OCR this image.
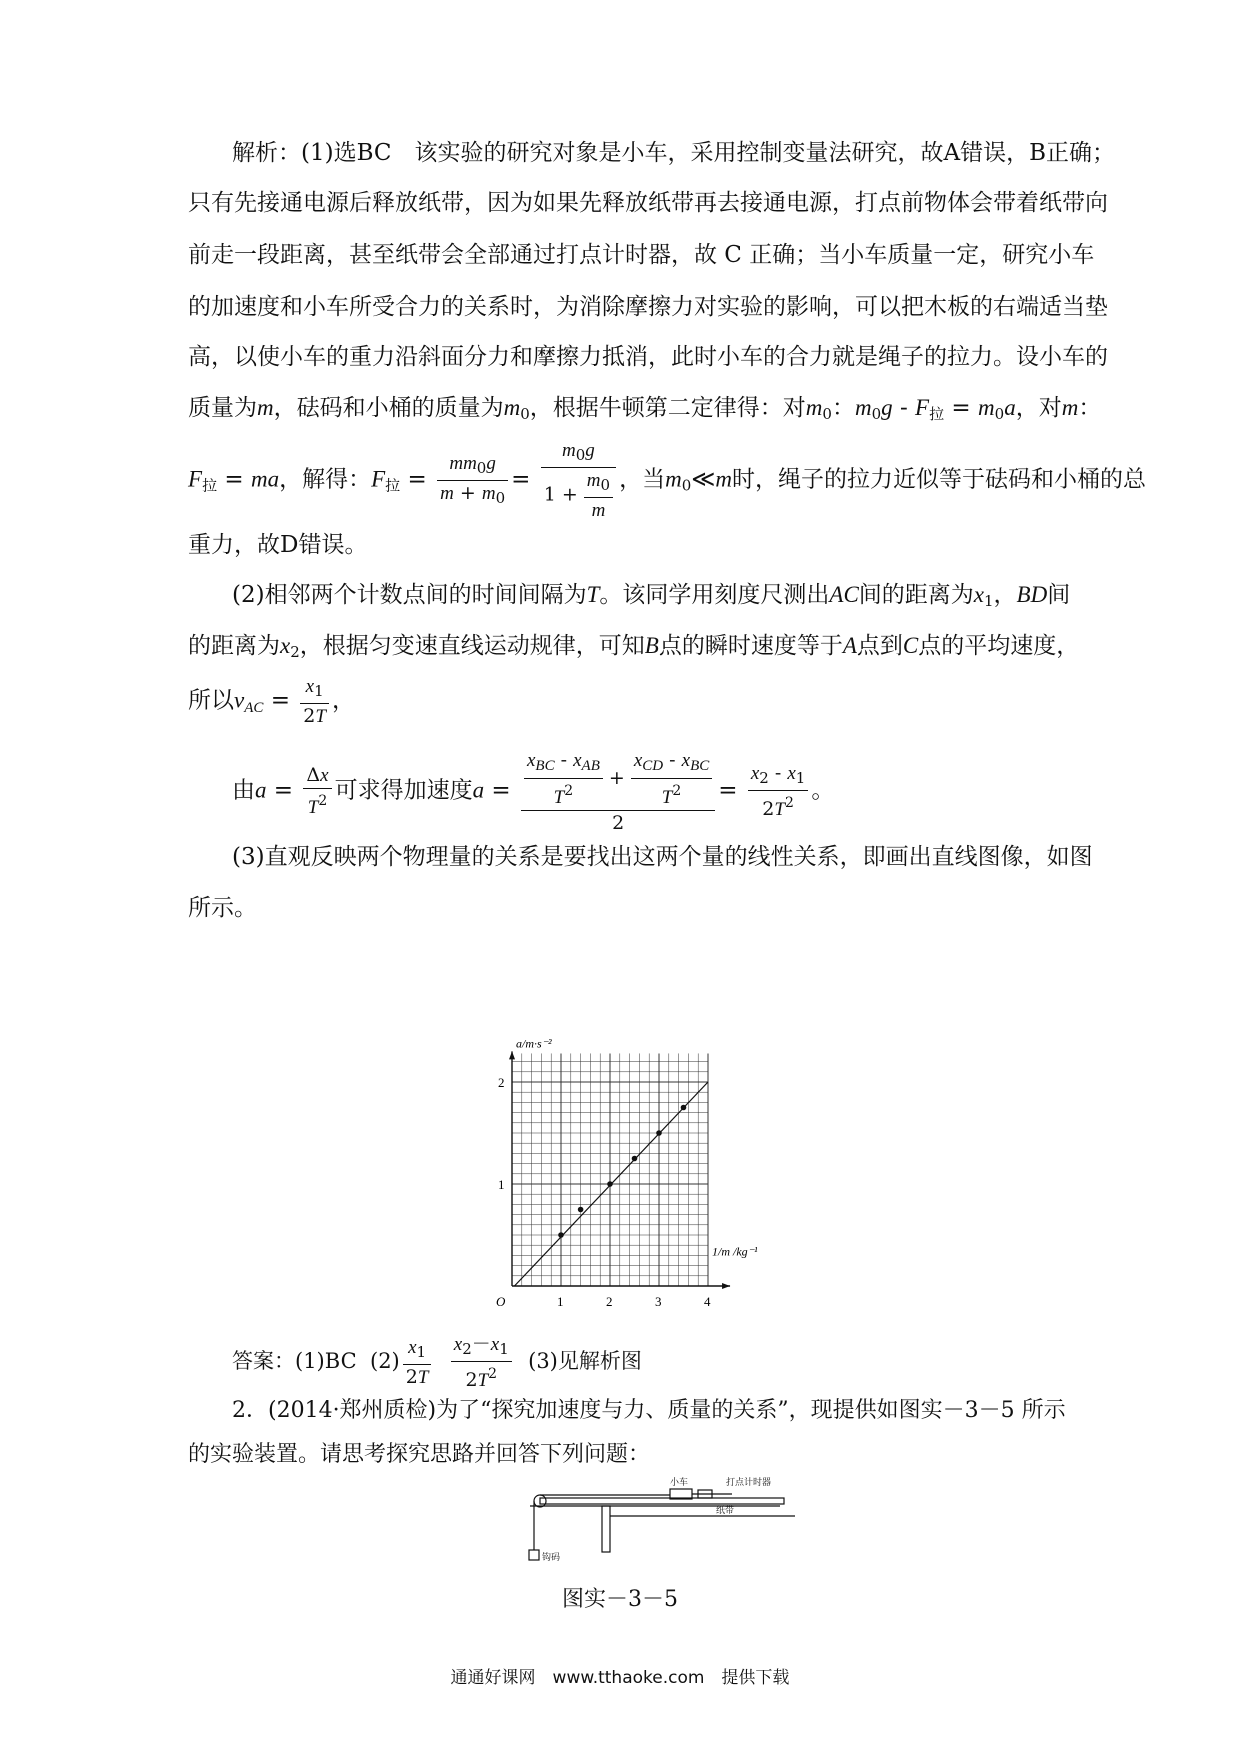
解析：(1)选BC　该实验的研究对象是小车，采用控制变量法研究，故A错误，B正确；
只有先接通电源后释放纸带，因为如果先释放纸带再去接通电源，打点前物体会带着纸带向
前走一段距离，甚至纸带会全部通过打点计时器，故 C 正确；当小车质量一定，研究小车
的加速度和小车所受合力的关系时，为消除摩擦力对实验的影响，可以把木板的右端适当垫
高，以使小车的重力沿斜面分力和摩擦力抵消，此时小车的合力就是绳子的拉力。设小车的
质量为m，砝码和小桶的质量为$m_0$，根据牛顿第二定律得：对$m_0$：$m_0g - F_拉 = m_0a$，对m：
$F_拉$ = ma，解得：$F_拉 = \frac{mm_0g}{m + m_0} = \frac{m_0g}{1 + \frac{m_0}{m}}$ ，当$m_0≪m$时，绳子的拉力近似等于砝码和小桶的总
重力，故D错误。
(2)相邻两个计数点间的时间间隔为T。该同学用刻度尺测出AC间的距离为$x_1$，BD间
的距离为$x_2$，根据匀变速直线运动规律，可知B点的瞬时速度等于A点到C点的平均速度，
所以$v_{AC} = \frac{x_1}{2T}$ ，
由$a = \frac{\Delta x}{T^2}$ 可求得加速度$a = \frac{\frac{x_{BC} - x_{AB}}{T^2} + \frac{x_{CD} - x_{BC}}{T^2}}{2} = \frac{x_2 - x_1}{2T^2}$ 。
(3)直观反映两个物理量的关系是要找出这两个量的线性关系，即画出直线图像，如图
所示。
1	2	3	4
1
2
O
a/m·s⁻²
1/m /kg⁻¹
答案：(1)BC $(2) \frac{x_1}{2T}$
$\frac{x_2-x_1}{2T^2} (3)$见解析图
2．(2014·郑州质检)为了“探究加速度与力、质量的关系”，现提供如图实－3－5 所示
的实验装置。请思考探究思路并回答下列问题：
小车	打点计时器
纸带
钩码
图实－3－5
通通好课网　www.tthaoke.com　提供下载
